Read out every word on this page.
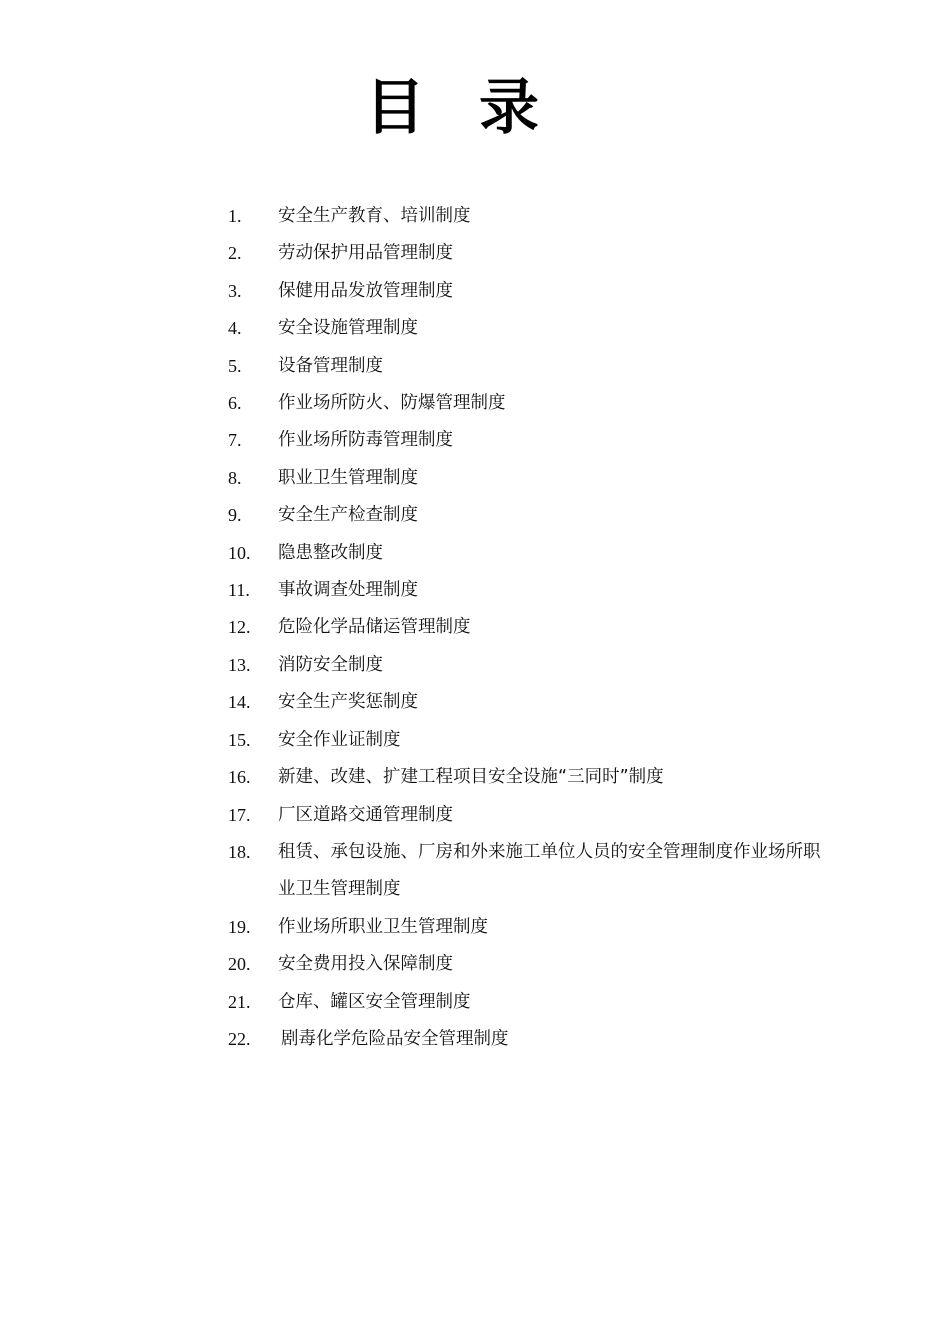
目录
1.	安全生产教育、培训制度
2.	劳动保护用品管理制度
3.	保健用品发放管理制度
4.	安全设施管理制度
5.	设备管理制度
6.	作业场所防火、防爆管理制度
7.	作业场所防毒管理制度
8.	职业卫生管理制度
9.	安全生产检查制度
10.	隐患整改制度
11.	事故调查处理制度
12.	危险化学品储运管理制度
13.	消防安全制度
14.	安全生产奖惩制度
15.	安全作业证制度
16.	新建、改建、扩建工程项目安全设施“三同时”制度
17.	厂区道路交通管理制度
18.	租赁、承包设施、厂房和外来施工单位人员的安全管理制度作业场所职业卫生管理制度
19.	作业场所职业卫生管理制度
20.	安全费用投入保障制度
21.	仓库、罐区安全管理制度
22.	剧毒化学危险品安全管理制度
